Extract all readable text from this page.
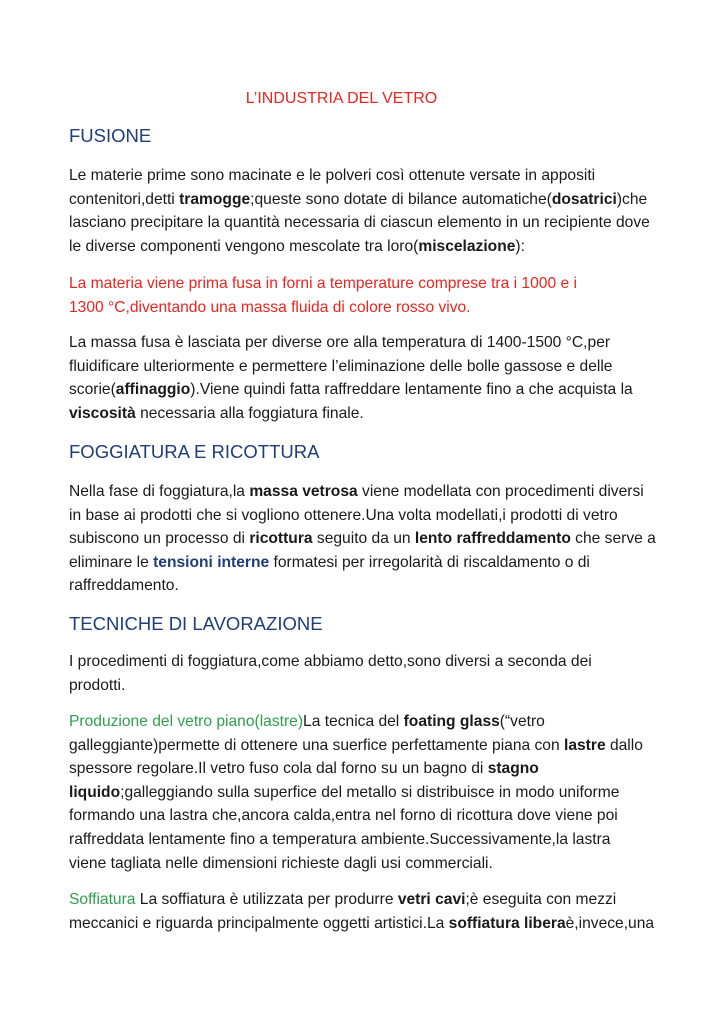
L’INDUSTRIA DEL VETRO
FUSIONE

Le materie prime sono macinate e le polveri così ottenute versate in appositi
contenitori,detti tramogge;queste sono dotate di bilance automatiche(dosatrici)che
lasciano precipitare la quantità necessaria di ciascun elemento in un recipiente dove
le diverse componenti vengono mescolate tra loro(miscelazione):

La materia viene prima fusa in forni a temperature comprese tra i 1000 e i
1300 °C,diventando una massa fluida di colore rosso vivo.

La massa fusa è lasciata per diverse ore alla temperatura di 1400-1500 °C,per
fluidificare ulteriormente e permettere l’eliminazione delle bolle gassose e delle
scorie(affinaggio).Viene quindi fatta raffreddare lentamente fino a che acquista la
viscosità necessaria alla foggiatura finale.

FOGGIATURA E RICOTTURA

Nella fase di foggiatura,la massa vetrosa viene modellata con procedimenti diversi
in base ai prodotti che si vogliono ottenere.Una volta modellati,i prodotti di vetro
subiscono un processo di ricottura seguito da un lento raffreddamento che serve a
eliminare le tensioni interne formatesi per irregolarità di riscaldamento o di
raffreddamento.

TECNICHE DI LAVORAZIONE

I procedimenti di foggiatura,come abbiamo detto,sono diversi a seconda dei
prodotti.

Produzione del vetro piano(lastre)La tecnica del foating glass(“vetro
galleggiante)permette di ottenere una suerfice perfettamente piana con lastre dallo
spessore regolare.Il vetro fuso cola dal forno su un bagno di stagno
liquido;galleggiando sulla superfice del metallo si distribuisce in modo uniforme
formando una lastra che,ancora calda,entra nel forno di ricottura dove viene poi
raffreddata lentamente fino a temperatura ambiente.Successivamente,la lastra
viene tagliata nelle dimensioni richieste dagli usi commerciali.

Soffiatura La soffiatura è utilizzata per produrre vetri cavi;è eseguita con mezzi
meccanici e riguarda principalmente oggetti artistici.La soffiatura liberaè,invece,una
